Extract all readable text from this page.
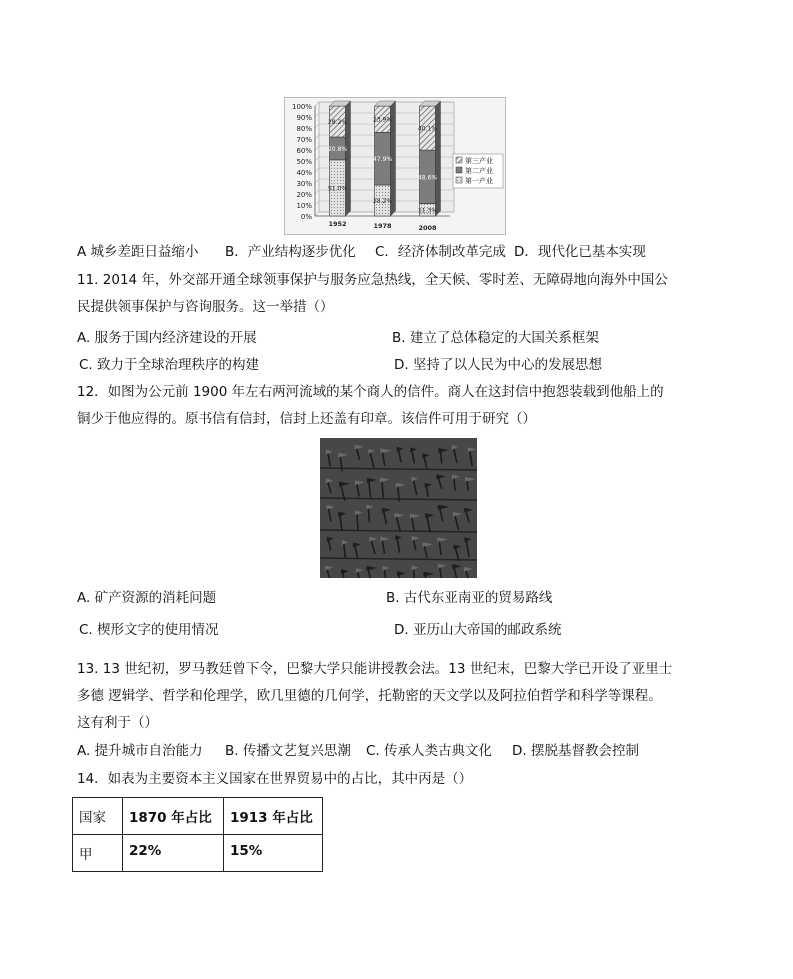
0%
10%
20%
30%
40%
50%
60%
70%
80%
90%
100%
51.0%
20.8%
28.2%
1952
28.2%
47.9%
23.9%
1978
11.3%
48.6%
40.1%
2008
第三产业
第二产业
第一产业
A 城乡差距日益缩小 B．产业结构逐步优化 C．经济体制改革完成 D．现代化已基本实现
11. 2014 年，外交部开通全球领事保护与服务应急热线，全天候、零时差、无障碍地向海外中国公
民提供领事保护与咨询服务。这一举措（）
A. 服务于国内经济建设的开展	B. 建立了总体稳定的大国关系框架
C. 致力于全球治理秩序的构建	D. 坚持了以人民为中心的发展思想
12．如图为公元前 1900 年左右两河流域的某个商人的信件。商人在这封信中抱怨装载到他船上的
铜少于他应得的。原书信有信封，信封上还盖有印章。该信件可用于研究（）
A. 矿产资源的消耗问题	B. 古代东亚南亚的贸易路线
C. 楔形文字的使用情况	D. 亚历山大帝国的邮政系统
13. 13 世纪初，罗马教廷曾下令，巴黎大学只能讲授教会法。13 世纪末，巴黎大学已开设了亚里士
多德 逻辑学、哲学和伦理学，欧几里德的几何学，托勒密的天文学以及阿拉伯哲学和科学等课程。
这有利于（）
A. 提升城市自治能力 B. 传播文艺复兴思潮 C. 传承人类古典文化 D. 摆脱基督教会控制
14．如表为主要资本主义国家在世界贸易中的占比，其中丙是（）
国家	1870 年占比	1913 年占比
甲	22%	15%
